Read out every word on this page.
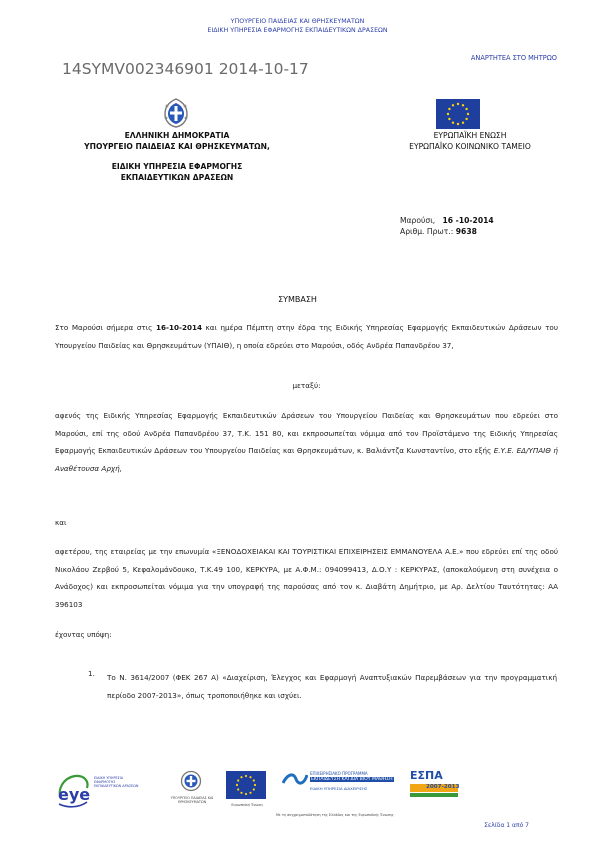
ΥΠΟΥΡΓΕΙΟ ΠΑΙΔΕΙΑΣ ΚΑΙ ΘΡΗΣΚΕΥΜΑΤΩΝ
ΕΙΔΙΚΗ ΥΠΗΡΕΣΙΑ ΕΦΑΡΜΟΓΗΣ ΕΚΠΑΙΔΕΥΤΙΚΩΝ ΔΡΑΣΕΩΝ
ΑΝΑΡΤΗΤΕΑ ΣΤΟ ΜΗΤΡΩΟ
14SYMV002346901 2014-10-17
ΕΛΛΗΝΙΚΗ ΔΗΜΟΚΡΑΤΙΑ
ΥΠΟΥΡΓΕΙΟ ΠΑΙΔΕΙΑΣ ΚΑΙ ΘΡΗΣΚΕΥΜΑΤΩΝ,
ΕΙΔΙΚΗ ΥΠΗΡΕΣΙΑ ΕΦΑΡΜΟΓΗΣ
ΕΚΠΑΙΔΕΥΤΙΚΩΝ ΔΡΑΣΕΩΝ
ΕΥΡΩΠΑΪΚΗ ΕΝΩΣΗ
ΕΥΡΩΠΑΪΚΟ ΚΟΙΝΩΝΙΚΟ ΤΑΜΕΙΟ
Μαρούσι, 16 -10-2014
Αριθμ. Πρωτ.: 9638
ΣΥΜΒΑΣΗ
Στο Μαρούσι σήμερα στις 16-10-2014 και ημέρα Πέμπτη στην έδρα της Ειδικής Υπηρεσίας Εφαρμογής Εκπαιδευτικών Δράσεων του Υπουργείου Παιδείας και Θρησκευμάτων (ΥΠΑΙΘ), η οποία εδρεύει στο Μαρούσι, οδός Ανδρέα Παπανδρέου 37,
μεταξύ:
αφενός της Ειδικής Υπηρεσίας Εφαρμογής Εκπαιδευτικών Δράσεων του Υπουργείου Παιδείας και Θρησκευμάτων που εδρεύει στο Μαρούσι, επί της οδού Ανδρέα Παπανδρέου 37, Τ.Κ. 151 80, και εκπροσωπείται νόμιμα από τον Προϊστάμενο της Ειδικής Υπηρεσίας Εφαρμογής Εκπαιδευτικών Δράσεων του Υπουργείου Παιδείας και Θρησκευμάτων, κ. Βαλιάντζα Κωνσταντίνο, στο εξής Ε.Υ.Ε. ΕΔ/ΥΠΑΙΘ ή Αναθέτουσα Αρχή,
και
αφετέρου, της εταιρείας με την επωνυμία «ΞΕΝΟΔΟΧΕΙΑΚΑΙ ΚΑΙ ΤΟΥΡΙΣΤΙΚΑΙ ΕΠΙΧΕΙΡΗΣΕΙΣ ΕΜΜΑΝΟΥΕΛΑ Α.Ε.» που εδρεύει επί της οδού Νικολάου Ζερβού 5, Κεφαλομάνδουκο, Τ.Κ.49 100, ΚΕΡΚΥΡΑ, με Α.Φ.Μ.: 094099413, Δ.Ο.Υ : ΚΕΡΚΥΡΑΣ, (αποκαλούμενη στη συνέχεια ο Ανάδοχος) και εκπροσωπείται νόμιμα για την υπογραφή της παρούσας από τον κ. Διαβάτη Δημήτριο, με Αρ. Δελτίου Ταυτότητας: ΑΑ 396103
έχοντας υπόψη:
1. Το Ν. 3614/2007 (ΦΕΚ 267 Α) «Διαχείριση, Έλεγχος και Εφαρμογή Αναπτυξιακών Παρεμβάσεων για την προγραμματική περίοδο 2007-2013», όπως τροποποιήθηκε και ισχύει.
eye
ΕΙΔΙΚΗ ΥΠΗΡΕΣΙΑ ΕΦΑΡΜΟΓΗΣ ΕΚΠΑΙΔΕΥΤΙΚΩΝ ΔΡΑΣΕΩΝ
ΥΠΟΥΡΓΕΙΟ ΠΑΙΔΕΙΑΣ ΚΑΙ ΘΡΗΣΚΕΥΜΑΤΩΝ
Ευρωπαϊκή Ένωση
ΕΠΙΧΕΙΡΗΣΙΑΚΟ ΠΡΟΓΡΑΜΜΑ
ΕΚΠΑΙΔΕΥΣΗ ΚΑΙ ΔΙΑ ΒΙΟΥ ΜΑΘΗΣΗ
ΕΙΔΙΚΗ ΥΠΗΡΕΣΙΑ ΔΙΑΧΕΙΡΙΣΗΣ
ΕΣΠΑ
2007-2013
Με τη συγχρηματοδότηση της Ελλάδας και της Ευρωπαϊκής Ένωσης
Σελίδα 1 από 7
